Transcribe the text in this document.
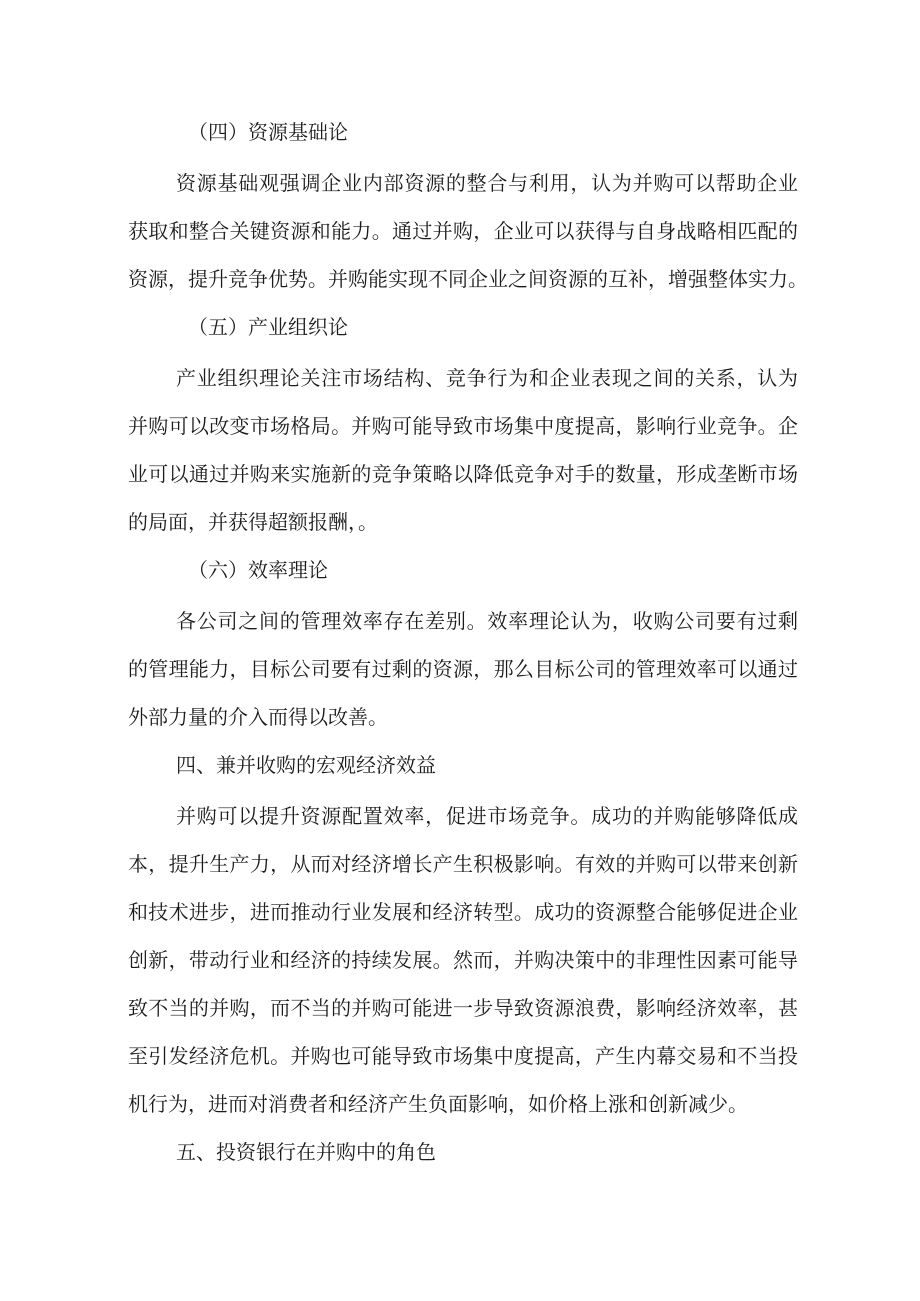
（四）资源基础论
资源基础观强调企业内部资源的整合与利用，认为并购可以帮助企业
获取和整合关键资源和能力。通过并购，企业可以获得与自身战略相匹配的
资源，提升竞争优势。并购能实现不同企业之间资源的互补，增强整体实力。
（五）产业组织论
产业组织理论关注市场结构、竞争行为和企业表现之间的关系，认为
并购可以改变市场格局。并购可能导致市场集中度提高，影响行业竞争。企
业可以通过并购来实施新的竞争策略以降低竞争对手的数量，形成垄断市场
的局面，并获得超额报酬，。
（六）效率理论
各公司之间的管理效率存在差别。效率理论认为，收购公司要有过剩
的管理能力，目标公司要有过剩的资源，那么目标公司的管理效率可以通过
外部力量的介入而得以改善。
四、兼并收购的宏观经济效益
并购可以提升资源配置效率，促进市场竞争。成功的并购能够降低成
本，提升生产力，从而对经济增长产生积极影响。有效的并购可以带来创新
和技术进步，进而推动行业发展和经济转型。成功的资源整合能够促进企业
创新，带动行业和经济的持续发展。然而，并购决策中的非理性因素可能导
致不当的并购，而不当的并购可能进一步导致资源浪费，影响经济效率，甚
至引发经济危机。并购也可能导致市场集中度提高，产生内幕交易和不当投
机行为，进而对消费者和经济产生负面影响，如价格上涨和创新减少。
五、投资银行在并购中的角色
